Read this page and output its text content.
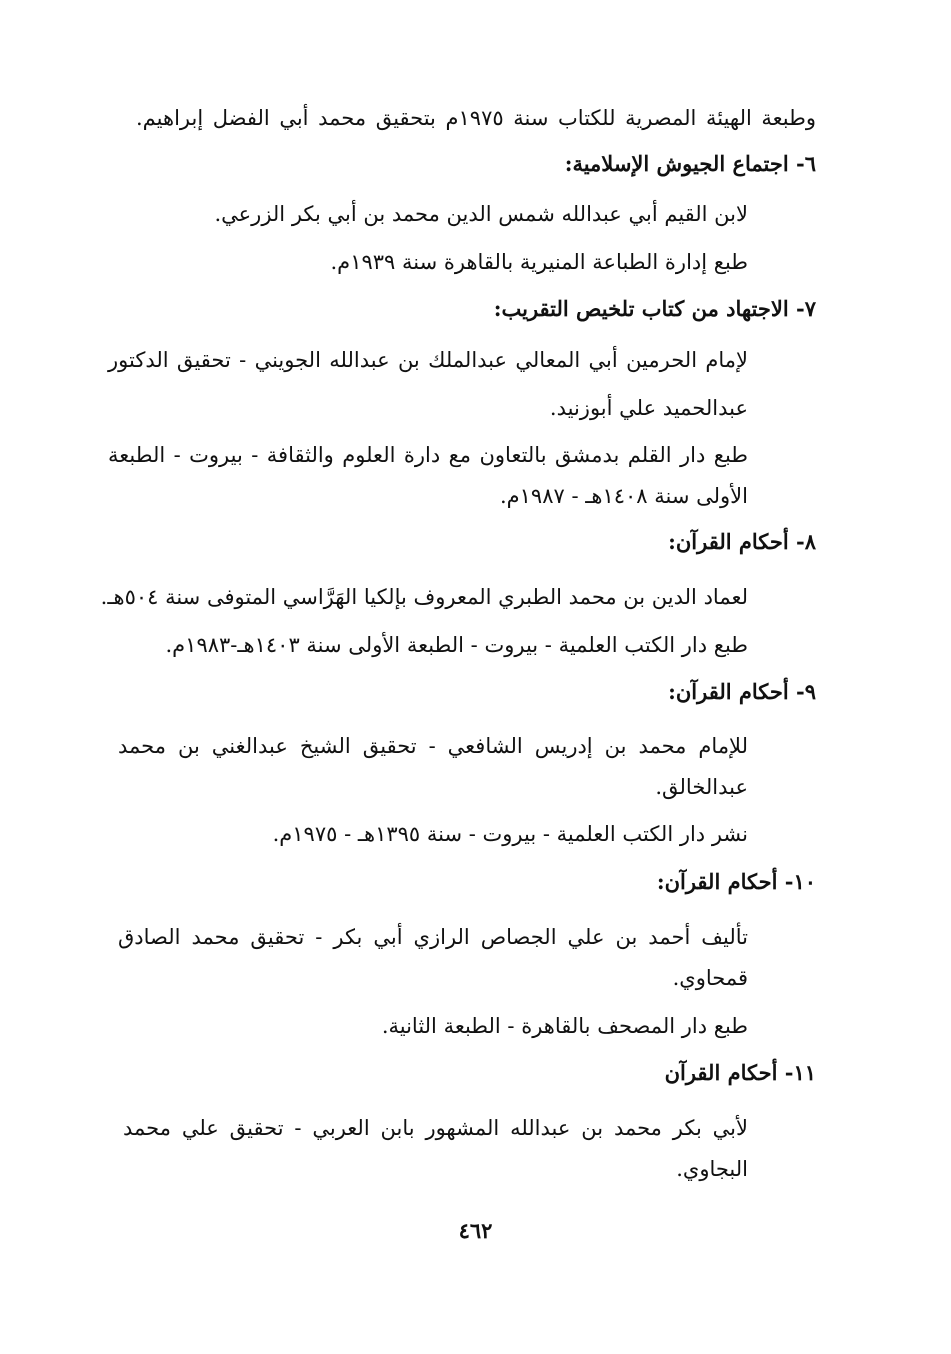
وطبعة الهيئة المصرية للكتاب سنة ١٩٧٥م بتحقيق محمد أبي الفضل إبراهيم.
٦- اجتماع الجيوش الإسلامية:
لابن القيم أبي عبدالله شمس الدين محمد بن أبي بكر الزرعي.
طبع إدارة الطباعة المنيرية بالقاهرة سنة ١٩٣٩م.
٧- الاجتهاد من كتاب تلخيص التقريب:
لإمام الحرمين أبي المعالي عبدالملك بن عبدالله الجويني - تحقيق الدكتور
عبدالحميد علي أبوزنيد.
طبع دار القلم بدمشق بالتعاون مع دارة العلوم والثقافة - بيروت - الطبعة
الأولى سنة ١٤٠٨هـ - ١٩٨٧م.
٨- أحكام القرآن:
لعماد الدين بن محمد الطبري المعروف بإلكيا الهَرَّاسي المتوفى سنة ٥٠٤هـ.
طبع دار الكتب العلمية - بيروت - الطبعة الأولى سنة ١٤٠٣هـ-١٩٨٣م.
٩- أحكام القرآن:
للإمام محمد بن إدريس الشافعي - تحقيق الشيخ عبدالغني بن محمد
عبدالخالق.
نشر دار الكتب العلمية - بيروت - سنة ١٣٩٥هـ - ١٩٧٥م.
١٠- أحكام القرآن:
تأليف أحمد بن علي الجصاص الرازي أبي بكر - تحقيق محمد الصادق
قمحاوي.
طبع دار المصحف بالقاهرة - الطبعة الثانية.
١١- أحكام القرآن
لأبي بكر محمد بن عبدالله المشهور بابن العربي - تحقيق علي محمد
البجاوي.
٤٦٢
